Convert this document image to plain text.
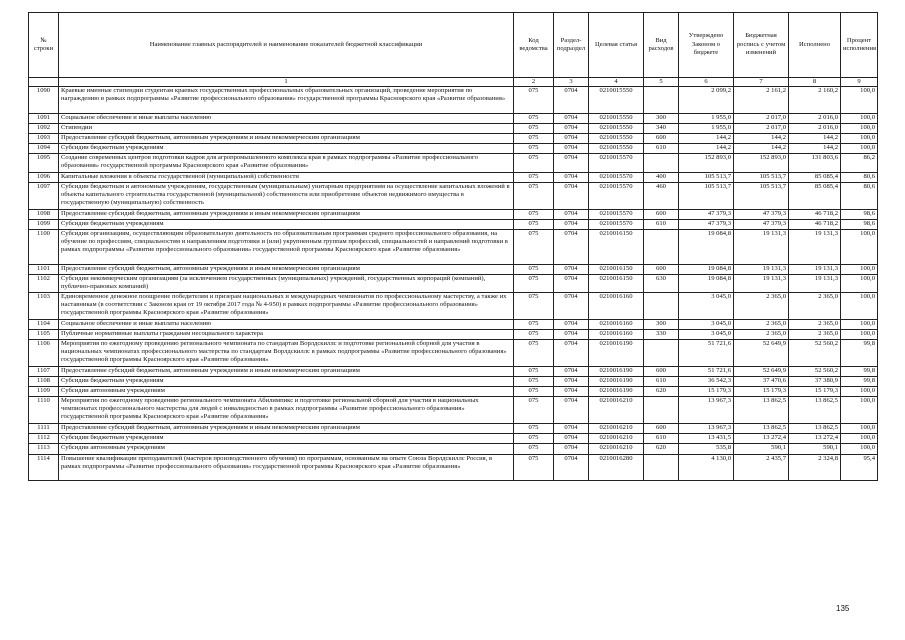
№ строки	Наименование главных распорядителей и наименование показателей бюджетной классификации	Код ведомства	Раздел-подраздел	Целевая статья	Вид расходов	Утверждено Законом о бюджете	Бюджетная роспись с учетом изменений	Исполнено	Процент исполнения
	1	2	3	4	5	6	7	8	9
1090	Краевые именные стипендии студентам краевых государственных профессиональных образовательных организаций, проведение мероприятия по награждению в рамках подпрограммы «Развитие профессионального образования» государственной программы Красноярского края «Развитие образования»	075	0704	0210015550		2 099,2	2 161,2	2 160,2	100,0
1091	Социальное обеспечение и иные выплаты населению	075	0704	0210015550	300	1 955,0	2 017,0	2 016,0	100,0
1092	Стипендии	075	0704	0210015550	340	1 955,0	2 017,0	2 016,0	100,0
1093	Предоставление субсидий бюджетным, автономным учреждениям и иным некоммерческим организациям	075	0704	0210015550	600	144,2	144,2	144,2	100,0
1094	Субсидии бюджетным учреждениям	075	0704	0210015550	610	144,2	144,2	144,2	100,0
1095	Создание современных центров подготовки кадров для агропромышленного комплекса края в рамках подпрограммы «Развитие профессионального образования» государственной программы Красноярского края «Развитие образования»	075	0704	0210015570		152 893,0	152 893,0	131 803,6	86,2
1096	Капитальные вложения в объекты государственной (муниципальной) собственности	075	0704	0210015570	400	105 513,7	105 513,7	85 085,4	80,6
1097	Субсидии бюджетным и автономным учреждениям, государственным (муниципальным) унитарным предприятиям на осуществление капитальных вложений в объекты капитального строительства государственной (муниципальной) собственности или приобретение объектов недвижимого имущества в государственную (муниципальную) собственность	075	0704	0210015570	460	105 513,7	105 513,7	85 085,4	80,6
1098	Предоставление субсидий бюджетным, автономным учреждениям и иным некоммерческим организациям	075	0704	0210015570	600	47 379,3	47 379,3	46 718,2	98,6
1099	Субсидии бюджетным учреждениям	075	0704	0210015570	610	47 379,3	47 379,3	46 718,2	98,6
1100	Субсидии организациям, осуществляющим образовательную деятельность по образовательным программам среднего профессионального образования, на обучение по профессиям, специальностям и направлениям подготовки и (или) укрупненным группам профессий, специальностей и направлений подготовки в рамках подпрограммы «Развитие профессионального образования» государственной программы Красноярского края «Развитие образования»	075	0704	0210016150		19 084,8	19 131,3	19 131,3	100,0
1101	Предоставление субсидий бюджетным, автономным учреждениям и иным некоммерческим организациям	075	0704	0210016150	600	19 084,8	19 131,3	19 131,3	100,0
1102	Субсидии некоммерческим организациям (за исключением государственных (муниципальных) учреждений, государственных корпораций (компаний), публично-правовых компаний)	075	0704	0210016150	630	19 084,8	19 131,3	19 131,3	100,0
1103	Единовременное денежное поощрение победителям и призерам национальных и международных чемпионатов по профессиональному мастерству, а также их наставникам (в соответствии с Законом края от 19 октября 2017 года № 4-950) в рамках подпрограммы «Развитие профессионального образования» государственной программы Красноярского края «Развитие образования»	075	0704	0210016160		3 045,0	2 365,0	2 365,0	100,0
1104	Социальное обеспечение и иные выплаты населению	075	0704	0210016160	300	3 045,0	2 365,0	2 365,0	100,0
1105	Публичные нормативные выплаты гражданам несоциального характера	075	0704	0210016160	330	3 045,0	2 365,0	2 365,0	100,0
1106	Мероприятия по ежегодному проведению регионального чемпионата по стандартам Ворлдскиллс и подготовке региональной сборной для участия в национальных чемпионатах профессионального мастерства по стандартам Ворлдскиллс в рамках подпрограммы «Развитие профессионального образования» государственной программы Красноярского края «Развитие образования»	075	0704	0210016190		51 721,6	52 649,9	52 560,2	99,8
1107	Предоставление субсидий бюджетным, автономным учреждениям и иным некоммерческим организациям	075	0704	0210016190	600	51 721,6	52 649,9	52 560,2	99,8
1108	Субсидии бюджетным учреждениям	075	0704	0210016190	610	36 542,3	37 470,6	37 380,9	99,8
1109	Субсидии автономным учреждениям	075	0704	0210016190	620	15 179,3	15 179,3	15 179,3	100,0
1110	Мероприятия по ежегодному проведению регионального чемпионата Абилимпикс и подготовке региональной сборной для участия в национальных чемпионатах профессионального мастерства для людей с инвалидностью в рамках подпрограммы «Развитие профессионального образования» государственной программы Красноярского края «Развитие образования»	075	0704	0210016210		13 967,3	13 862,5	13 862,5	100,0
1111	Предоставление субсидий бюджетным, автономным учреждениям и иным некоммерческим организациям	075	0704	0210016210	600	13 967,3	13 862,5	13 862,5	100,0
1112	Субсидии бюджетным учреждениям	075	0704	0210016210	610	13 431,5	13 272,4	13 272,4	100,0
1113	Субсидии автономным учреждениям	075	0704	0210016210	620	535,8	590,1	590,1	100,0
1114	Повышение квалификации преподавателей (мастеров производственного обучения) по программам, основанным на опыте Союза Ворлдскиллс Россия, в рамках подпрограммы «Развитие профессионального образования» государственной программы Красноярского края «Развитие образования»	075	0704	0210016280		4 130,0	2 435,7	2 324,8	95,4
135
